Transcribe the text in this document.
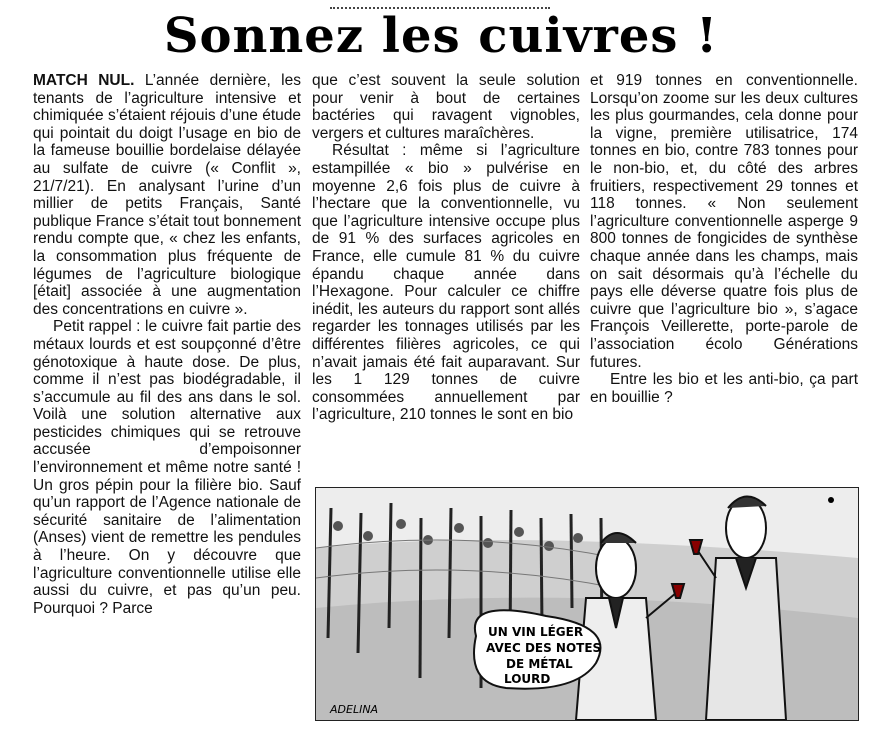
Sonnez les cuivres !

MATCH NUL. L’année dernière, les tenants de l’agriculture intensive et chimiquée s’étaient réjouis d’une étude qui pointait du doigt l’usage en bio de la fameuse bouillie bordelaise délayée au sulfate de cuivre (« Conflit », 21/7/21). En analysant l’urine d’un millier de petits Français, Santé publique France s’était tout bonnement rendu compte que, « chez les enfants, la consommation plus fréquente de légumes de l’agriculture biologique [était] associée à une augmentation des concentrations en cuivre ».

Petit rappel : le cuivre fait partie des métaux lourds et est soupçonné d’être génotoxique à haute dose. De plus, comme il n’est pas biodégradable, il s’accumule au fil des ans dans le sol. Voilà une solution alternative aux pesticides chimiques qui se retrouve accusée d’empoisonner l’environnement et même notre santé ! Un gros pépin pour la filière bio. Sauf qu’un rapport de l’Agence nationale de sécurité sanitaire de l’alimentation (Anses) vient de remettre les pendules à l’heure. On y découvre que l’agriculture conventionnelle utilise elle aussi du cuivre, et pas qu’un peu. Pourquoi ? Parce

que c’est souvent la seule solution pour venir à bout de certaines bactéries qui ravagent vignobles, vergers et cultures maraîchères.

Résultat : même si l’agriculture estampillée « bio » pulvérise en moyenne 2,6 fois plus de cuivre à l’hectare que la conventionnelle, vu que l’agriculture intensive occupe plus de 91 % des surfaces agricoles en France, elle cumule 81 % du cuivre épandu chaque année dans l’Hexagone. Pour calculer ce chiffre inédit, les auteurs du rapport sont allés regarder les tonnages utilisés par les différentes filières agricoles, ce qui n’avait jamais été fait auparavant. Sur les 1 129 tonnes de cuivre consommées annuellement par l’agriculture, 210 tonnes le sont en bio

et 919 tonnes en conventionnelle. Lorsqu’on zoome sur les deux cultures les plus gourmandes, cela donne pour la vigne, première utilisatrice, 174 tonnes en bio, contre 783 tonnes pour le non-bio, et, du côté des arbres fruitiers, respectivement 29 tonnes et 118 tonnes. « Non seulement l’agriculture conventionnelle asperge 9 800 tonnes de fongicides de synthèse chaque année dans les champs, mais on sait désormais qu’à l’échelle du pays elle déverse quatre fois plus de cuivre que l’agriculture bio », s’agace François Veillerette, porte-parole de l’association écolo Générations futures.

Entre les bio et les anti-bio, ça part en bouillie ?

UN VIN LÉGER
AVEC DES NOTES
DE MÉTAL
LOURD
ADELINA
